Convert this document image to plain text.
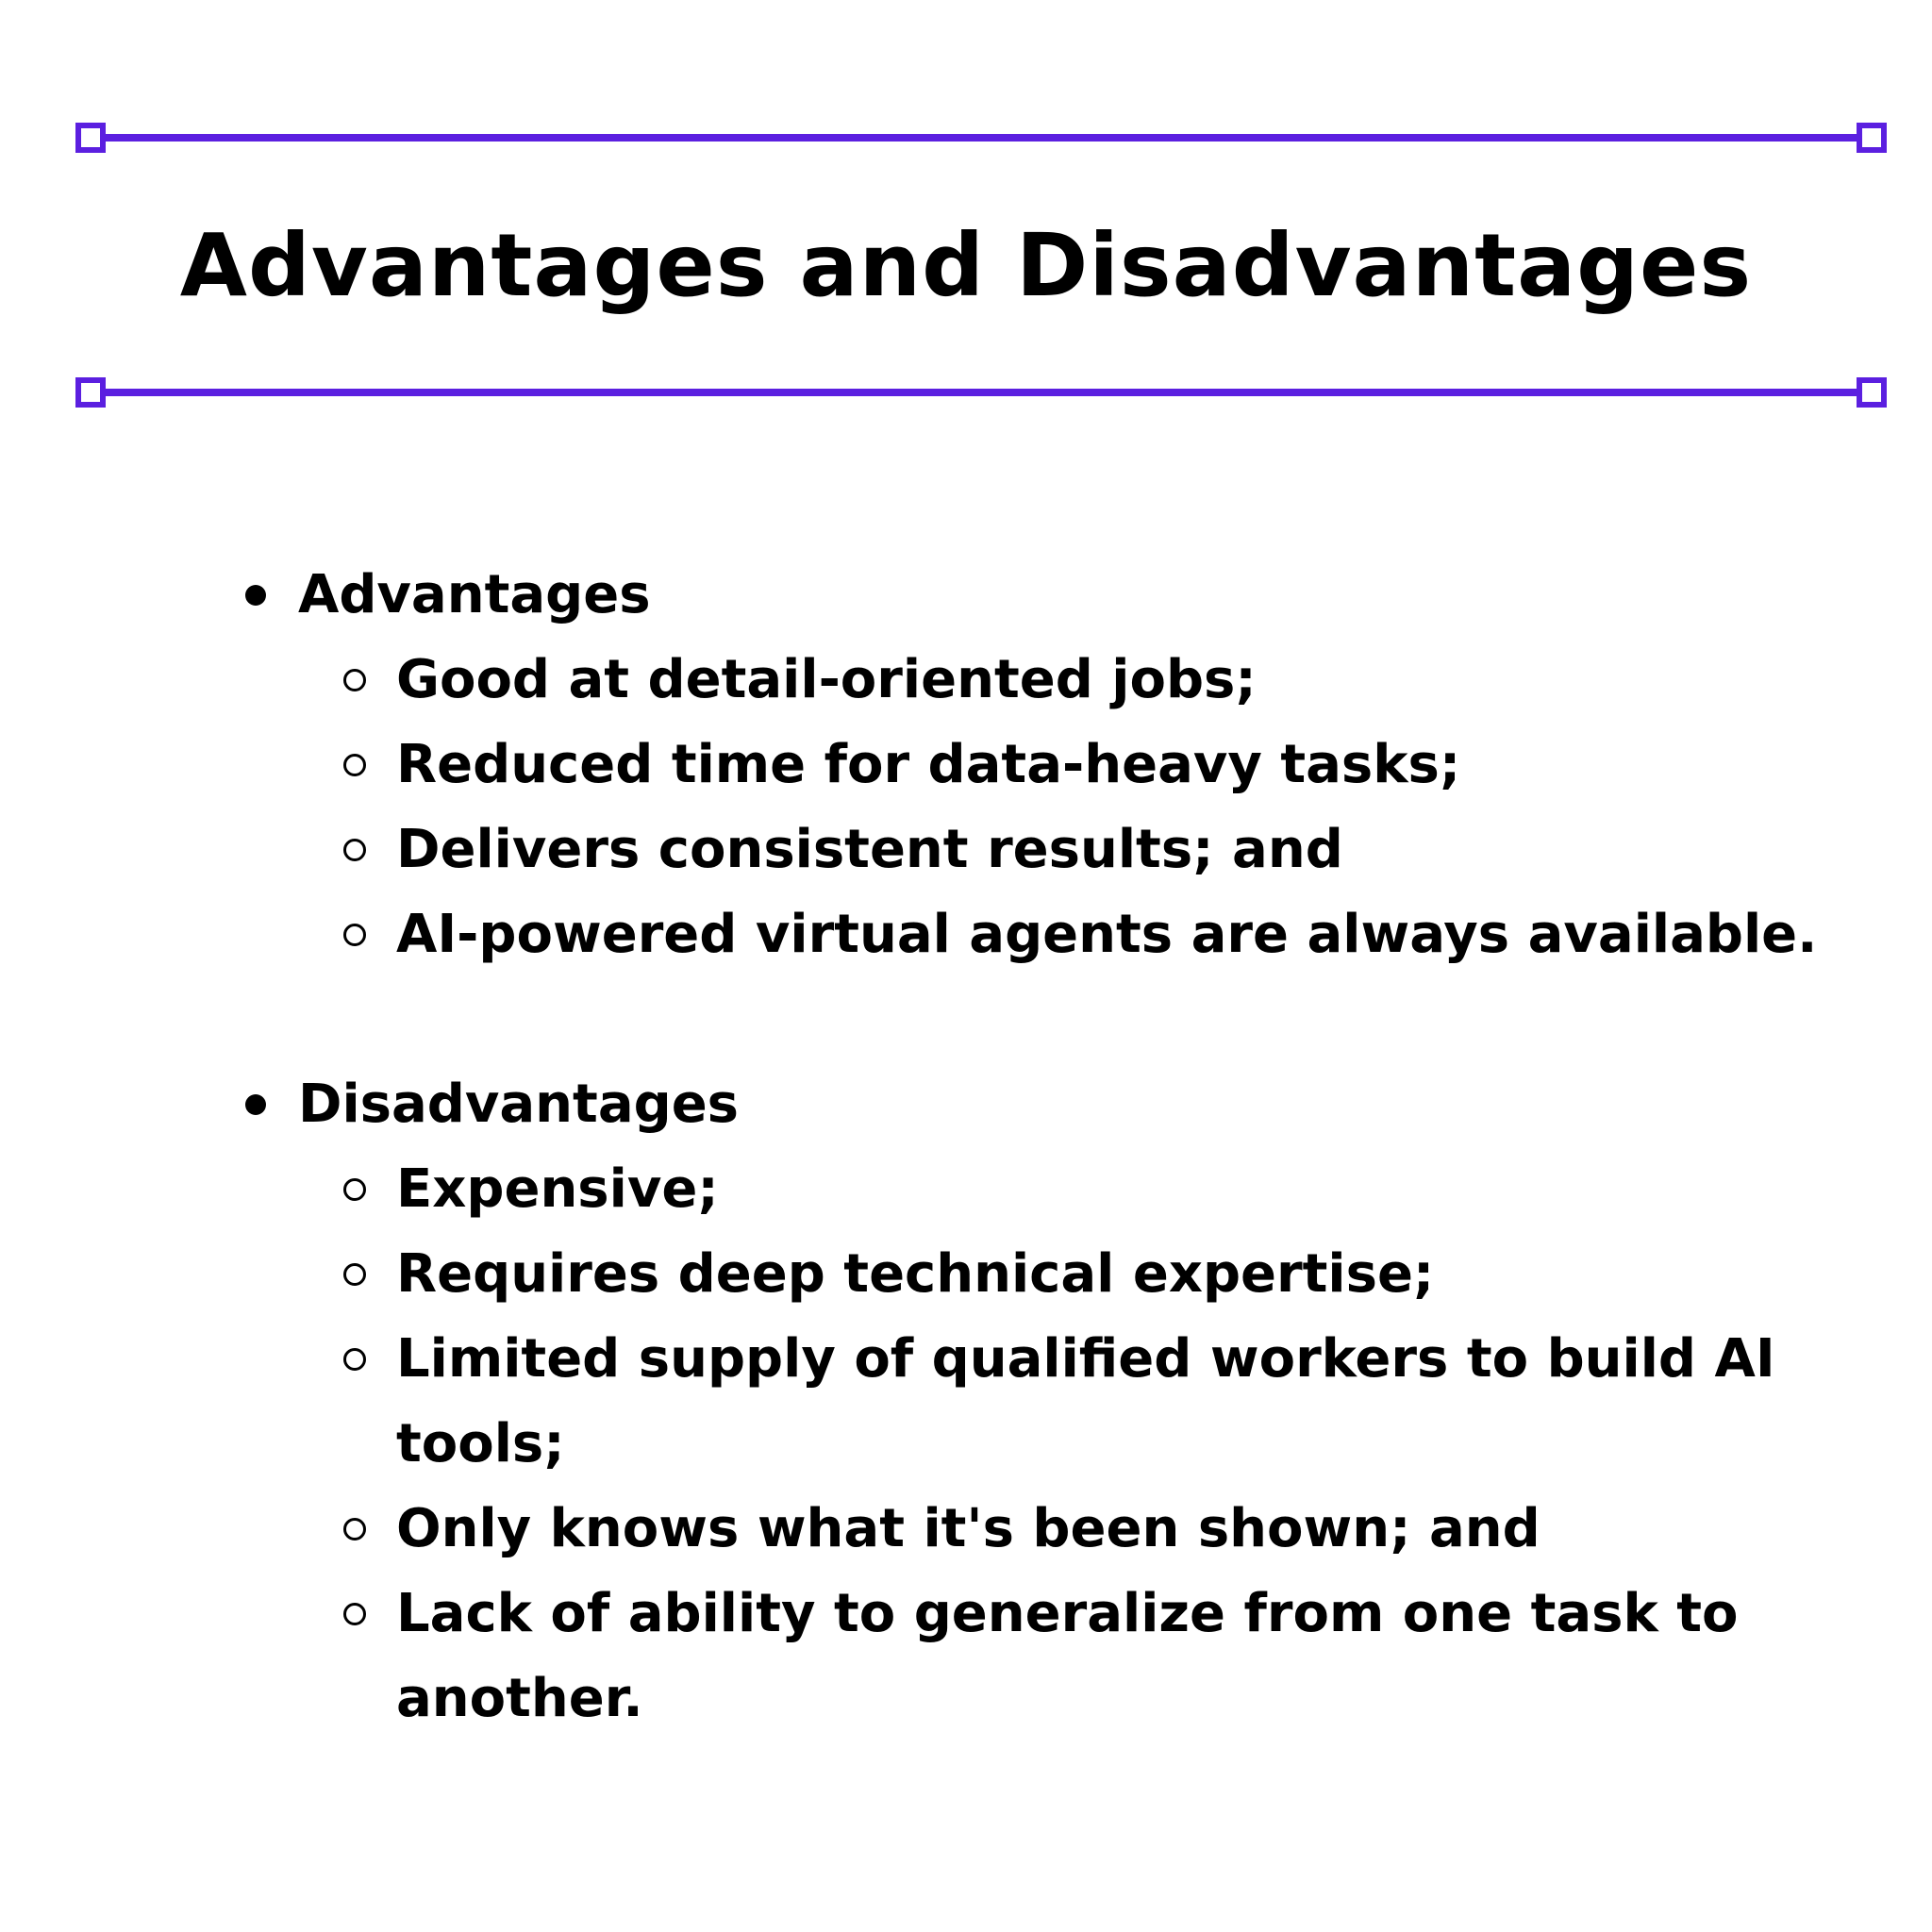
Advantages and Disadvantages
Advantages
Good at detail-oriented jobs;
Reduced time for data-heavy tasks;
Delivers consistent results; and
AI-powered virtual agents are always available.
Disadvantages
Expensive;
Requires deep technical expertise;
Limited supply of qualified workers to build AI tools;
Only knows what it's been shown; and
Lack of ability to generalize from one task to another.
